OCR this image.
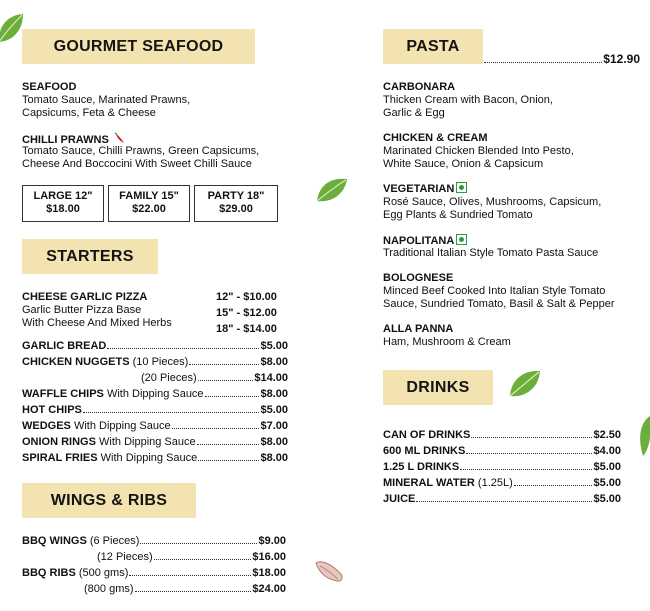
GOURMET SEAFOOD
SEAFOOD
Tomato Sauce, Marinated Prawns,
Capsicums, Feta & Cheese
CHILLI PRAWNS
Tomato Sauce, Chilli Prawns, Green Capsicums,
Cheese And Boccocini With Sweet Chilli Sauce
LARGE 12"
$18.00
FAMILY 15"
$22.00
PARTY 18"
$29.00
STARTERS
CHEESE GARLIC PIZZA
Garlic Butter Pizza Base
With Cheese And Mixed Herbs
12" - $10.00
15" - $12.00
18" - $14.00
GARLIC BREAD	$5.00
CHICKEN NUGGETS (10 Pieces)	$8.00
(20 Pieces)	$14.00
WAFFLE CHIPS With Dipping Sauce	$8.00
HOT CHIPS	$5.00
WEDGES With Dipping Sauce	$7.00
ONION RINGS With Dipping Sauce	$8.00
SPIRAL FRIES With Dipping Sauce	$8.00
WINGS & RIBS
BBQ WINGS (6 Pieces)	$9.00
(12 Pieces)	$16.00
BBQ RIBS (500 gms)	$18.00
(800 gms)	$24.00
PASTA
$12.90
CARBONARA
Thicken Cream with Bacon, Onion,
Garlic & Egg
CHICKEN & CREAM
Marinated Chicken Blended Into Pesto,
White Sauce, Onion & Capsicum
VEGETARIAN
Rosé Sauce, Olives, Mushrooms, Capsicum,
Egg Plants & Sundried Tomato
NAPOLITANA
Traditional Italian Style Tomato Pasta Sauce
BOLOGNESE
Minced Beef Cooked Into Italian Style Tomato
Sauce, Sundried Tomato, Basil & Salt & Pepper
ALLA PANNA
Ham, Mushroom & Cream
DRINKS
CAN OF DRINKS	$2.50
600 ML DRINKS	$4.00
1.25 L DRINKS	$5.00
MINERAL WATER (1.25L)	$5.00
JUICE	$5.00
